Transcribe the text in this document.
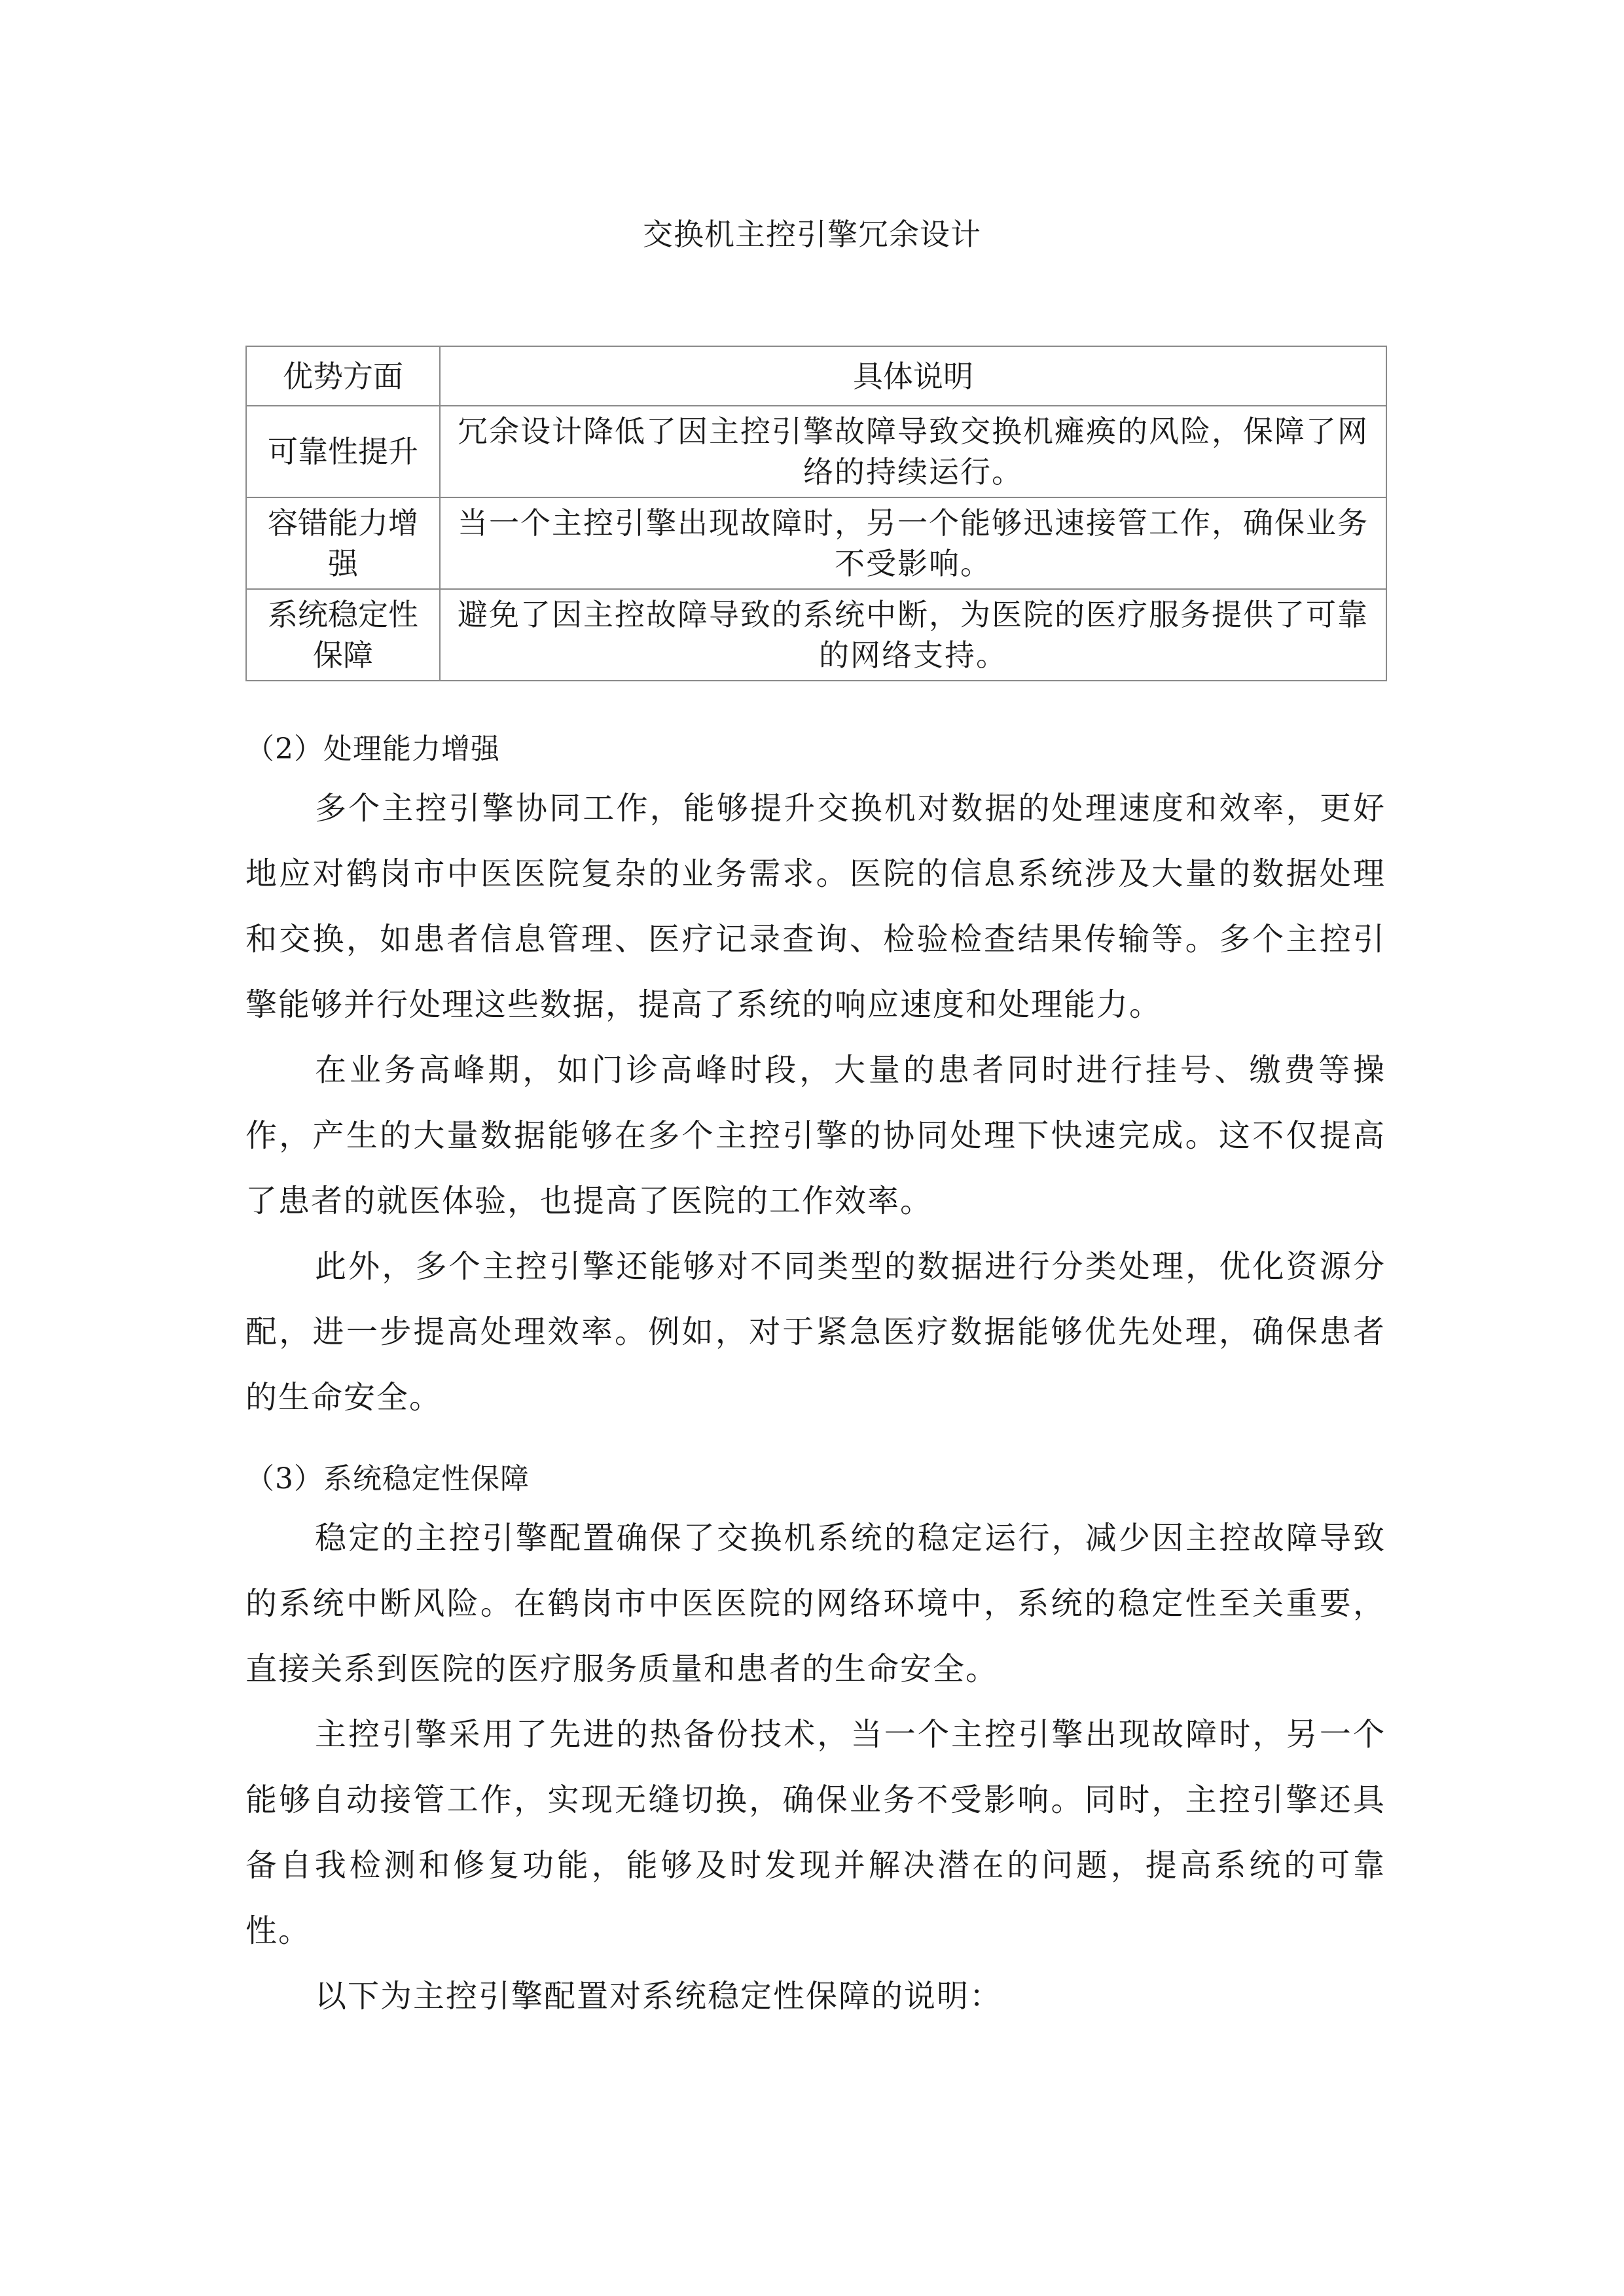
交换机主控引擎冗余设计
优势方面	具体说明
可靠性提升	冗余设计降低了因主控引擎故障导致交换机瘫痪的风险，保障了网络的持续运行。
容错能力增强	当一个主控引擎出现故障时，另一个能够迅速接管工作，确保业务不受影响。
系统稳定性保障	避免了因主控故障导致的系统中断，为医院的医疗服务提供了可靠的网络支持。
（2）处理能力增强

多个主控引擎协同工作，能够提升交换机对数据的处理速度和效率，更好地应对鹤岗市中医医院复杂的业务需求。医院的信息系统涉及大量的数据处理和交换，如患者信息管理、医疗记录查询、检验检查结果传输等。多个主控引擎能够并行处理这些数据，提高了系统的响应速度和处理能力。

在业务高峰期，如门诊高峰时段，大量的患者同时进行挂号、缴费等操作，产生的大量数据能够在多个主控引擎的协同处理下快速完成。这不仅提高了患者的就医体验，也提高了医院的工作效率。

此外，多个主控引擎还能够对不同类型的数据进行分类处理，优化资源分配，进一步提高处理效率。例如，对于紧急医疗数据能够优先处理，确保患者的生命安全。

（3）系统稳定性保障

稳定的主控引擎配置确保了交换机系统的稳定运行，减少因主控故障导致的系统中断风险。在鹤岗市中医医院的网络环境中，系统的稳定性至关重要，直接关系到医院的医疗服务质量和患者的生命安全。

主控引擎采用了先进的热备份技术，当一个主控引擎出现故障时，另一个能够自动接管工作，实现无缝切换，确保业务不受影响。同时，主控引擎还具备自我检测和修复功能，能够及时发现并解决潜在的问题，提高系统的可靠性。

以下为主控引擎配置对系统稳定性保障的说明：
